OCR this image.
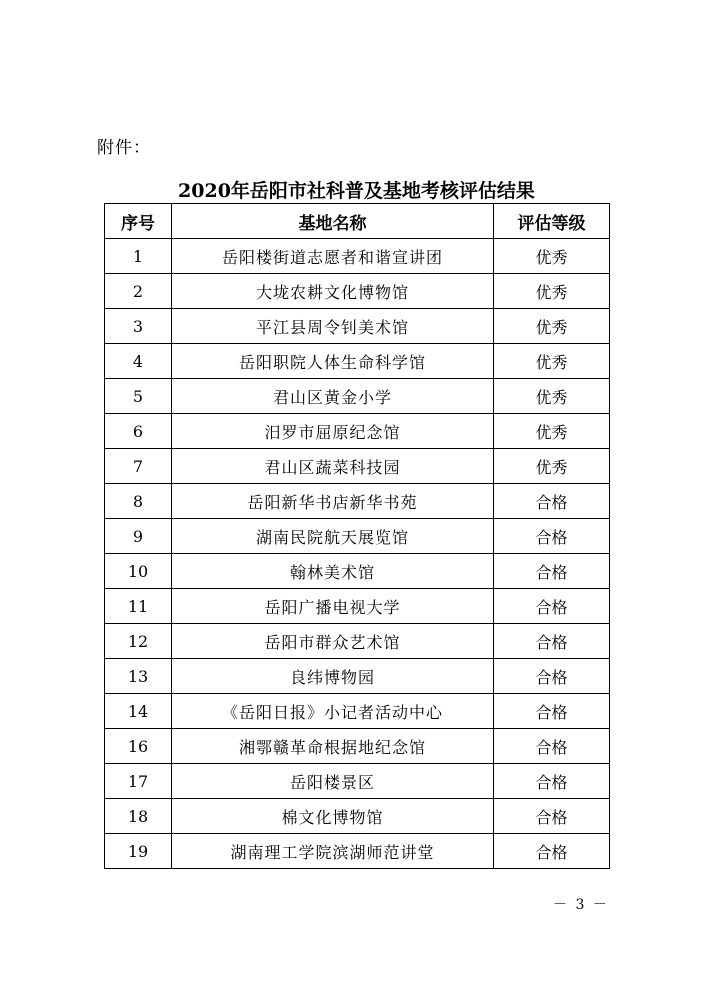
附件：
2020年岳阳市社科普及基地考核评估结果
序号	基地名称	评估等级
1	岳阳楼街道志愿者和谐宣讲团	优秀
2	大垅农耕文化博物馆	优秀
3	平江县周令钊美术馆	优秀
4	岳阳职院人体生命科学馆	优秀
5	君山区黄金小学	优秀
6	汨罗市屈原纪念馆	优秀
7	君山区蔬菜科技园	优秀
8	岳阳新华书店新华书苑	合格
9	湖南民院航天展览馆	合格
10	翰林美术馆	合格
11	岳阳广播电视大学	合格
12	岳阳市群众艺术馆	合格
13	良纬博物园	合格
14	《岳阳日报》小记者活动中心	合格
16	湘鄂赣革命根据地纪念馆	合格
17	岳阳楼景区	合格
18	棉文化博物馆	合格
19	湖南理工学院滨湖师范讲堂	合格
－ 3 －
